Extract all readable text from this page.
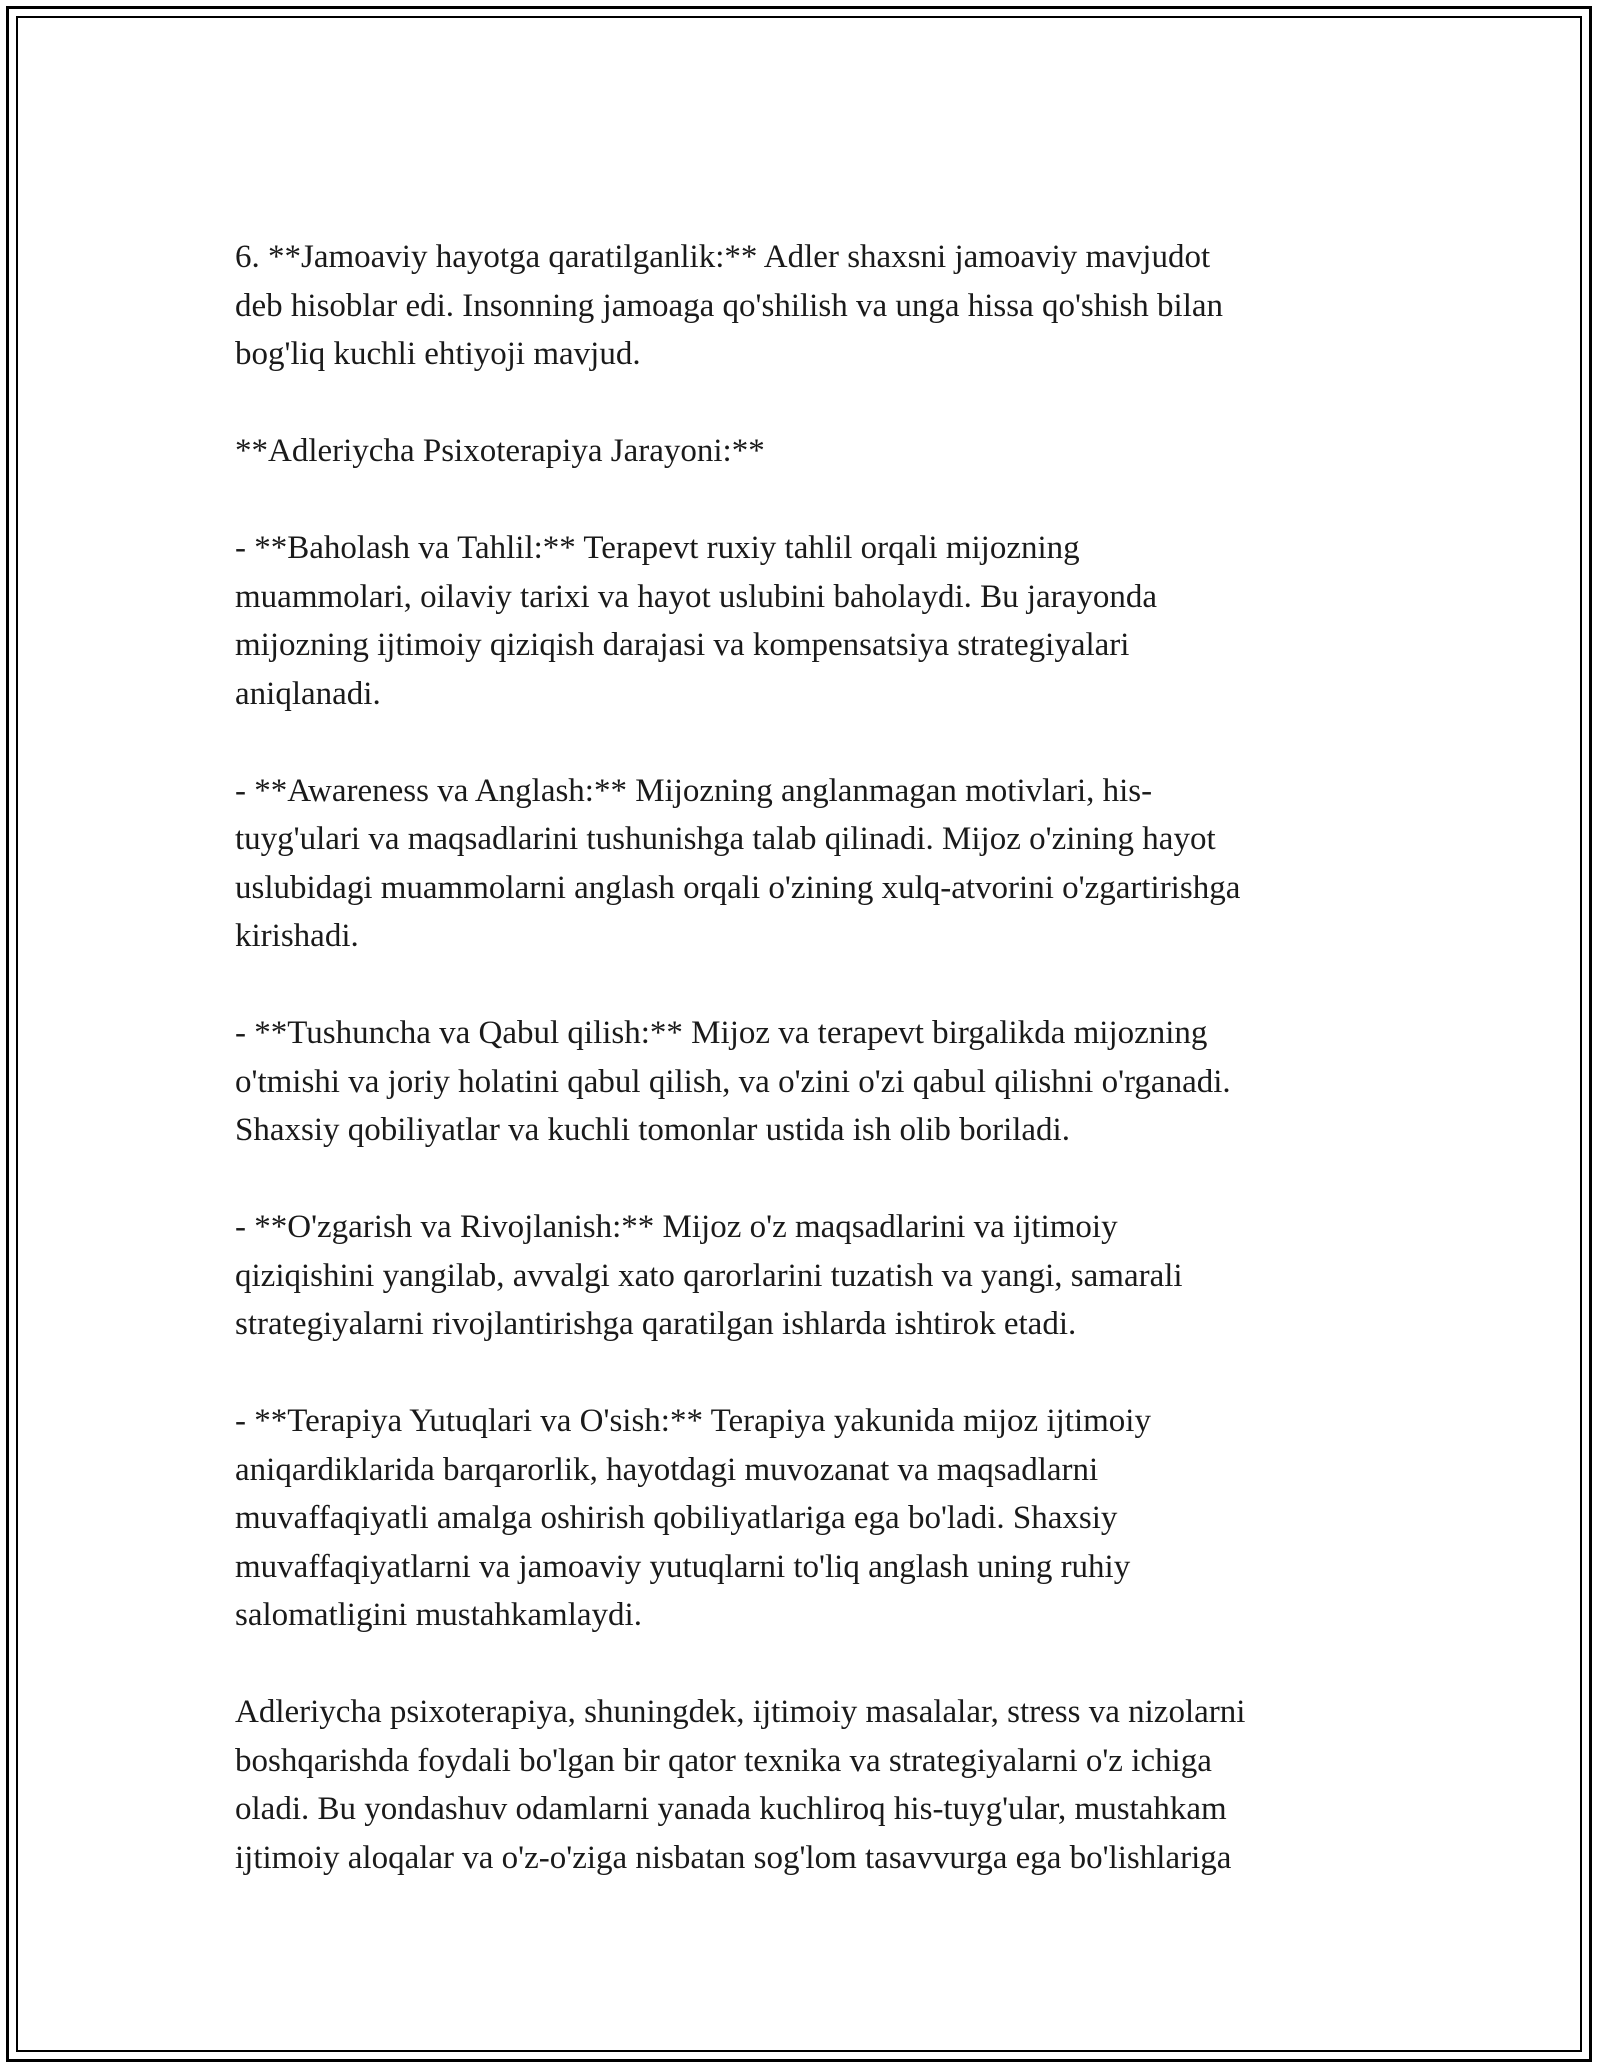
6. **Jamoaviy hayotga qaratilganlik:** Adler shaxsni jamoaviy mavjudot
deb hisoblar edi. Insonning jamoaga qo'shilish va unga hissa qo'shish bilan
bog'liq kuchli ehtiyoji mavjud.

**Adleriycha Psixoterapiya Jarayoni:**

- **Baholash va Tahlil:** Terapevt ruxiy tahlil orqali mijozning
muammolari, oilaviy tarixi va hayot uslubini baholaydi. Bu jarayonda
mijozning ijtimoiy qiziqish darajasi va kompensatsiya strategiyalari
aniqlanadi.

- **Awareness va Anglash:** Mijozning anglanmagan motivlari, his-
tuyg'ulari va maqsadlarini tushunishga talab qilinadi. Mijoz o'zining hayot
uslubidagi muammolarni anglash orqali o'zining xulq-atvorini o'zgartirishga
kirishadi.

- **Tushuncha va Qabul qilish:** Mijoz va terapevt birgalikda mijozning
o'tmishi va joriy holatini qabul qilish, va o'zini o'zi qabul qilishni o'rganadi.
Shaxsiy qobiliyatlar va kuchli tomonlar ustida ish olib boriladi.

- **O'zgarish va Rivojlanish:** Mijoz o'z maqsadlarini va ijtimoiy
qiziqishini yangilab, avvalgi xato qarorlarini tuzatish va yangi, samarali
strategiyalarni rivojlantirishga qaratilgan ishlarda ishtirok etadi.

- **Terapiya Yutuqlari va O'sish:** Terapiya yakunida mijoz ijtimoiy
aniqardiklarida barqarorlik, hayotdagi muvozanat va maqsadlarni
muvaffaqiyatli amalga oshirish qobiliyatlariga ega bo'ladi. Shaxsiy
muvaffaqiyatlarni va jamoaviy yutuqlarni to'liq anglash uning ruhiy
salomatligini mustahkamlaydi.

Adleriycha psixoterapiya, shuningdek, ijtimoiy masalalar, stress va nizolarni
boshqarishda foydali bo'lgan bir qator texnika va strategiyalarni o'z ichiga
oladi. Bu yondashuv odamlarni yanada kuchliroq his-tuyg'ular, mustahkam
ijtimoiy aloqalar va o'z-o'ziga nisbatan sog'lom tasavvurga ega bo'lishlariga
